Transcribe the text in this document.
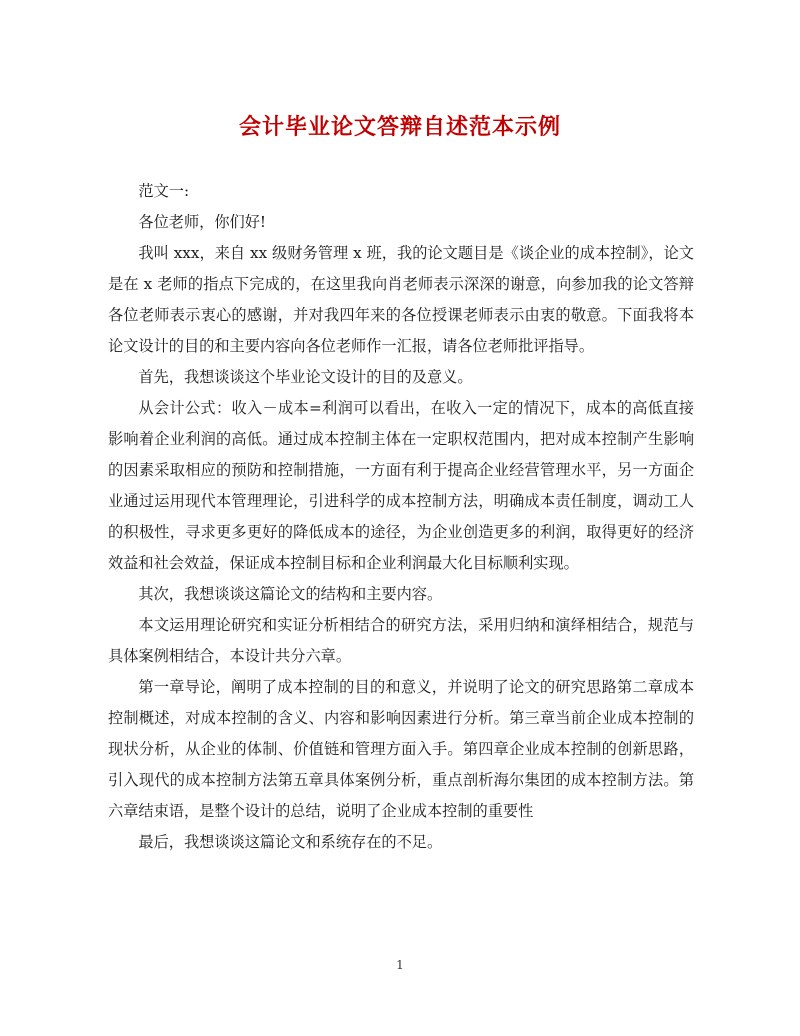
会计毕业论文答辩自述范本示例

范文一:

各位老师，你们好!

我叫 xxx，来自 xx 级财务管理 x 班，我的论文题目是《谈企业的成本控制》，论文是在 x 老师的指点下完成的，在这里我向肖老师表示深深的谢意，向参加我的论文答辩各位老师表示衷心的感谢，并对我四年来的各位授课老师表示由衷的敬意。下面我将本论文设计的目的和主要内容向各位老师作一汇报，请各位老师批评指导。

首先，我想谈谈这个毕业论文设计的目的及意义。

从会计公式：收入－成本=利润可以看出，在收入一定的情况下，成本的高低直接影响着企业利润的高低。通过成本控制主体在一定职权范围内，把对成本控制产生影响的因素采取相应的预防和控制措施，一方面有利于提高企业经营管理水平，另一方面企业通过运用现代本管理理论，引进科学的成本控制方法，明确成本责任制度，调动工人的积极性，寻求更多更好的降低成本的途径，为企业创造更多的利润，取得更好的经济效益和社会效益，保证成本控制目标和企业利润最大化目标顺利实现。

其次，我想谈谈这篇论文的结构和主要内容。

本文运用理论研究和实证分析相结合的研究方法，采用归纳和演绎相结合，规范与具体案例相结合，本设计共分六章。

第一章导论，阐明了成本控制的目的和意义，并说明了论文的研究思路第二章成本控制概述，对成本控制的含义、内容和影响因素进行分析。第三章当前企业成本控制的现状分析，从企业的体制、价值链和管理方面入手。第四章企业成本控制的创新思路，引入现代的成本控制方法第五章具体案例分析，重点剖析海尔集团的成本控制方法。第六章结束语，是整个设计的总结，说明了企业成本控制的重要性

最后，我想谈谈这篇论文和系统存在的不足。

1
